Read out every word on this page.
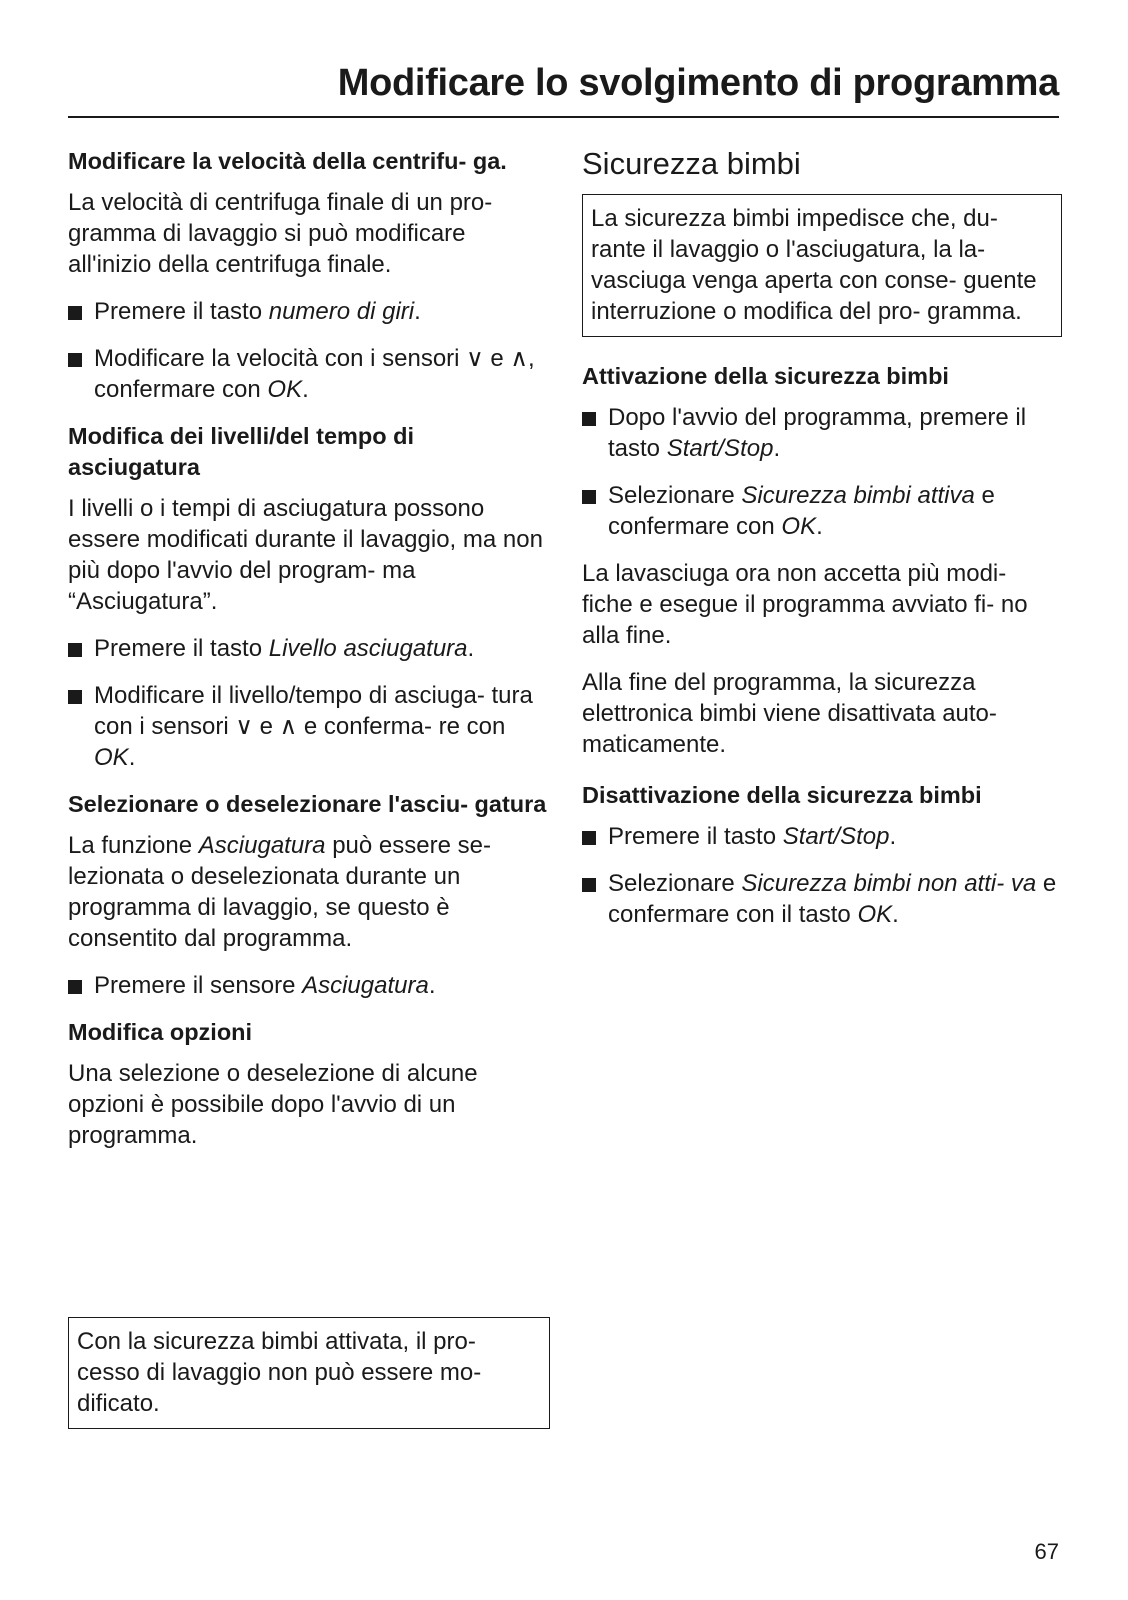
Modificare lo svolgimento di programma
Modificare la velocità della centrifu- ga.

La velocità di centrifuga finale di un pro- gramma di lavaggio si può modificare all'inizio della centrifuga finale.

Premere il tasto numero di giri.
Modificare la velocità con i sensori ∨ e ∧, confermare con OK.
Modifica dei livelli/del tempo di asciugatura

I livelli o i tempi di asciugatura possono essere modificati durante il lavaggio, ma non più dopo l'avvio del program- ma “Asciugatura”.

Premere il tasto Livello asciugatura.
Modificare il livello/tempo di asciuga- tura con i sensori ∨ e ∧ e conferma- re con OK.
Selezionare o deselezionare l'asciu- gatura

La funzione Asciugatura può essere se- lezionata o deselezionata durante un programma di lavaggio, se questo è consentito dal programma.

Premere il sensore Asciugatura.
Modifica opzioni

Una selezione o deselezione di alcune opzioni è possibile dopo l'avvio di un programma.

Con la sicurezza bimbi attivata, il pro- cesso di lavaggio non può essere mo- dificato.
Sicurezza bimbi
La sicurezza bimbi impedisce che, du- rante il lavaggio o l'asciugatura, la la- vasciuga venga aperta con conse- guente interruzione o modifica del pro- gramma.
Attivazione della sicurezza bimbi
Dopo l'avvio del programma, premere il tasto Start/Stop.
Selezionare Sicurezza bimbi attiva e confermare con OK.

La lavasciuga ora non accetta più modi- fiche e esegue il programma avviato fi- no alla fine.

Alla fine del programma, la sicurezza elettronica bimbi viene disattivata auto- maticamente.

Disattivazione della sicurezza bimbi
Premere il tasto Start/Stop.
Selezionare Sicurezza bimbi non atti- va e confermare con il tasto OK.
67
